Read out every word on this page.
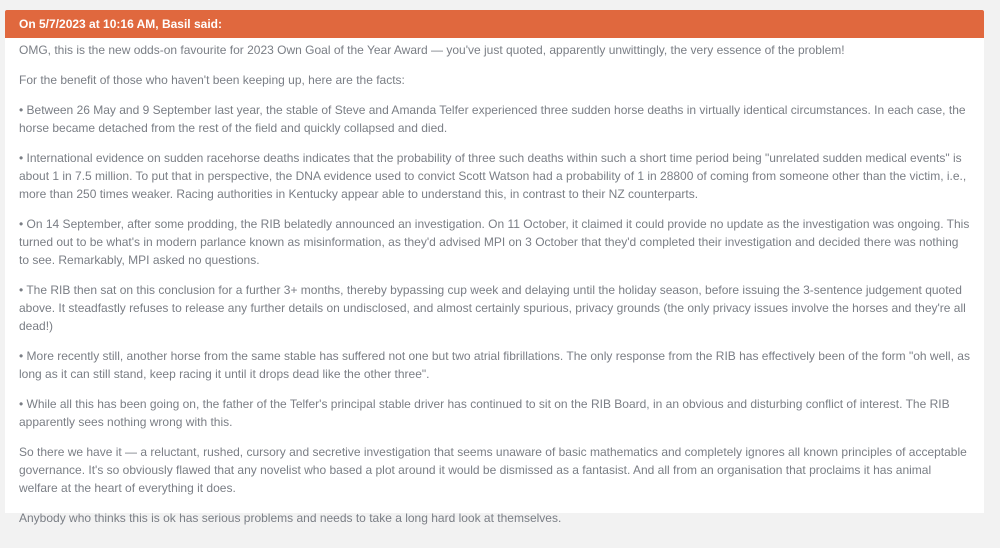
On 5/7/2023 at 10:16 AM, Basil said:

OMG, this is the new odds-on favourite for 2023 Own Goal of the Year Award — you've just quoted, apparently unwittingly, the very essence of the problem!

For the benefit of those who haven't been keeping up, here are the facts:

• Between 26 May and 9 September last year, the stable of Steve and Amanda Telfer experienced three sudden horse deaths in virtually identical circumstances. In each case, the horse became detached from the rest of the field and quickly collapsed and died.

• International evidence on sudden racehorse deaths indicates that the probability of three such deaths within such a short time period being "unrelated sudden medical events" is about 1 in 7.5 million. To put that in perspective, the DNA evidence used to convict Scott Watson had a probability of 1 in 28800 of coming from someone other than the victim, i.e., more than 250 times weaker. Racing authorities in Kentucky appear able to understand this, in contrast to their NZ counterparts.

• On 14 September, after some prodding, the RIB belatedly announced an investigation. On 11 October, it claimed it could provide no update as the investigation was ongoing. This turned out to be what's in modern parlance known as misinformation, as they'd advised MPI on 3 October that they'd completed their investigation and decided there was nothing to see. Remarkably, MPI asked no questions.

• The RIB then sat on this conclusion for a further 3+ months, thereby bypassing cup week and delaying until the holiday season, before issuing the 3-sentence judgement quoted above. It steadfastly refuses to release any further details on undisclosed, and almost certainly spurious, privacy grounds (the only privacy issues involve the horses and they're all dead!)

• More recently still, another horse from the same stable has suffered not one but two atrial fibrillations. The only response from the RIB has effectively been of the form "oh well, as long as it can still stand, keep racing it until it drops dead like the other three".

• While all this has been going on, the father of the Telfer's principal stable driver has continued to sit on the RIB Board, in an obvious and disturbing conflict of interest. The RIB apparently sees nothing wrong with this.

So there we have it — a reluctant, rushed, cursory and secretive investigation that seems unaware of basic mathematics and completely ignores all known principles of acceptable governance. It's so obviously flawed that any novelist who based a plot around it would be dismissed as a fantasist. And all from an organisation that proclaims it has animal welfare at the heart of everything it does.

Anybody who thinks this is ok has serious problems and needs to take a long hard look at themselves.
